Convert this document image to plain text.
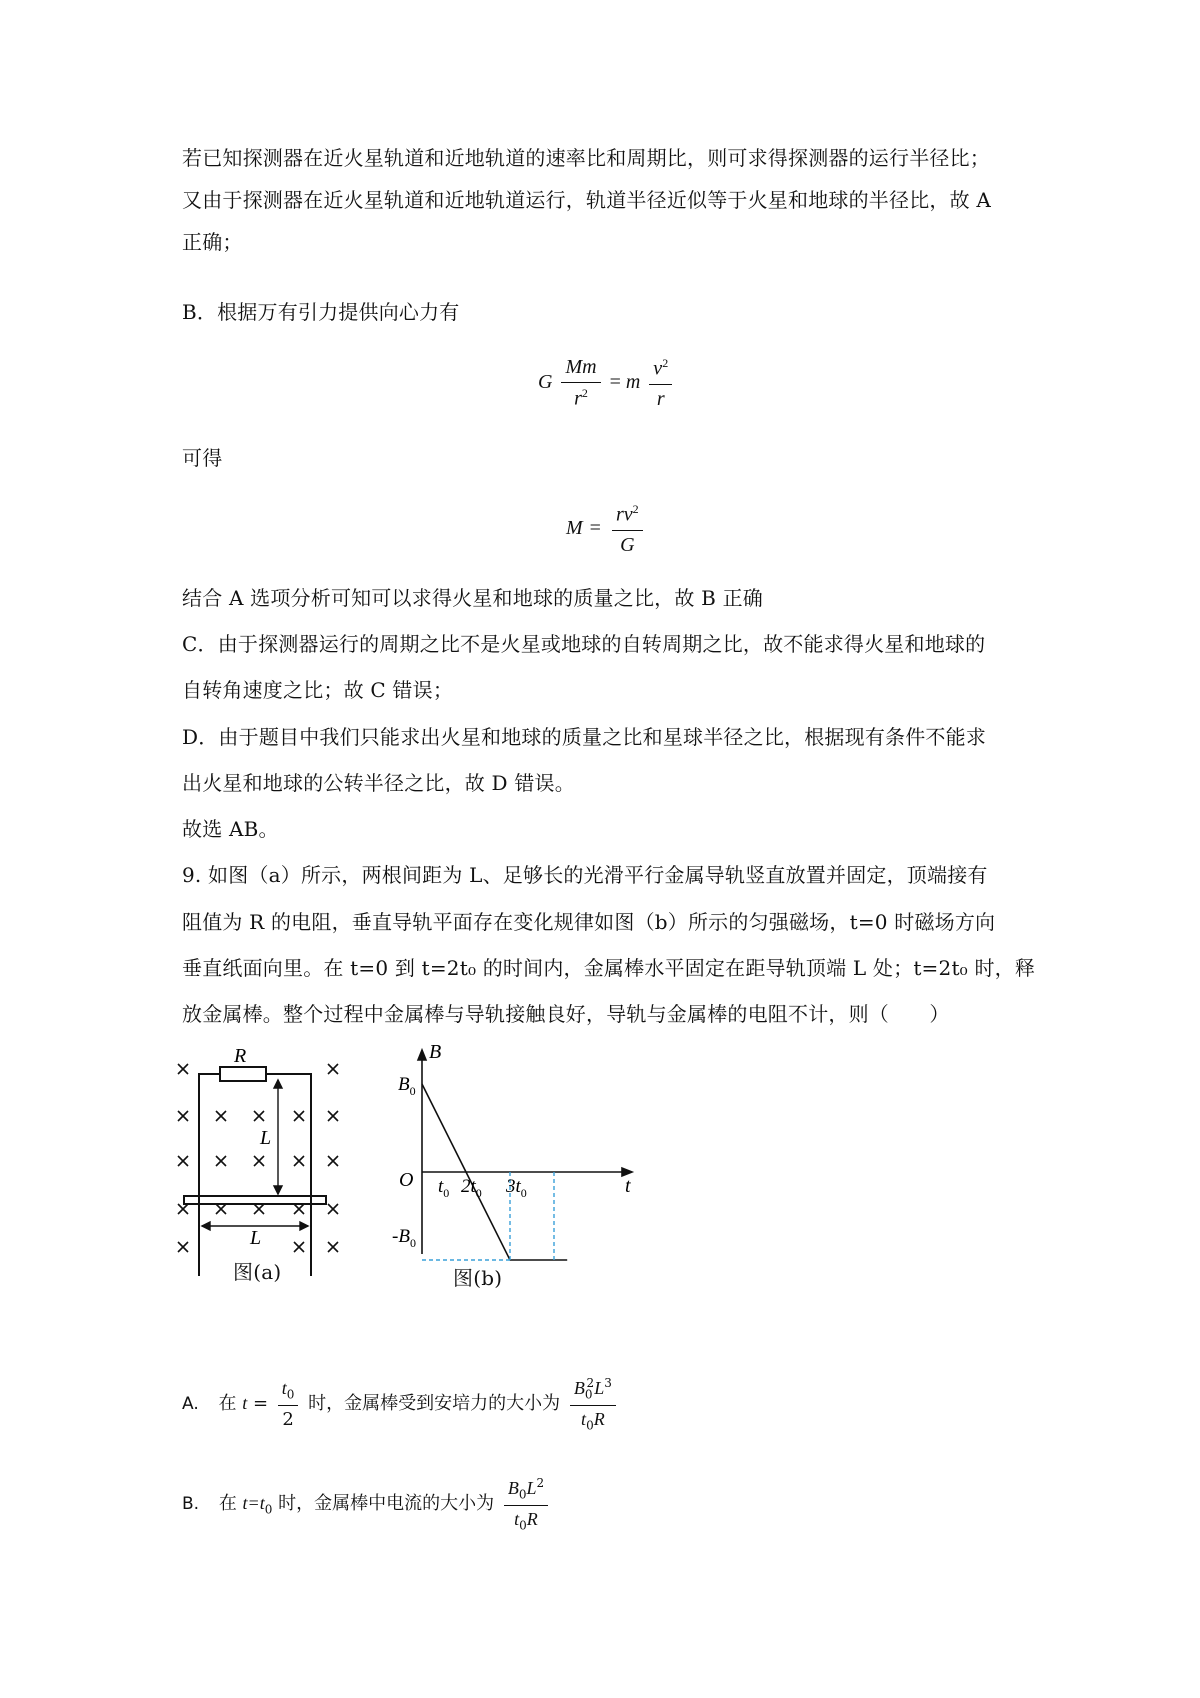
若已知探测器在近火星轨道和近地轨道的速率比和周期比，则可求得探测器的运行半径比；
又由于探测器在近火星轨道和近地轨道运行，轨道半径近似等于火星和地球的半径比，故 A
正确；
B．根据万有引力提供向心力有
G $\frac{Mm}{r^2} = m \frac{v^2}{r}$
可得
$M = \frac{rv^2}{G}$
结合 A 选项分析可知可以求得火星和地球的质量之比，故 B 正确
C．由于探测器运行的周期之比不是火星或地球的自转周期之比，故不能求得火星和地球的
自转角速度之比；故 C 错误；
D．由于题目中我们只能求出火星和地球的质量之比和星球半径之比，根据现有条件不能求
出火星和地球的公转半径之比，故 D 错误。
故选 AB。
9. 如图（a）所示，两根间距为 L、足够长的光滑平行金属导轨竖直放置并固定，顶端接有
阻值为 R 的电阻，垂直导轨平面存在变化规律如图（b）所示的匀强磁场，t=0 时磁场方向
垂直纸面向里。在 t=0 到 t=2t₀ 的时间内，金属棒水平固定在距导轨顶端 L 处；t=2t₀ 时，释
放金属棒。整个过程中金属棒与导轨接触良好，导轨与金属棒的电阻不计，则（　　）
R
L
L
图(a)
B
t
O
$B_0$
$-B_0$
$t_0$ $2t_0$ $3t_0$
图(b)
A. 在 $t = \frac{t_0}{2}$ 时，金属棒受到安培力的大小为 $\frac{B_0^2L^3}{t_0R}$
B. 在 $t=t_0$ 时，金属棒中电流的大小为 $\frac{B_0L^2}{t_0R}$
